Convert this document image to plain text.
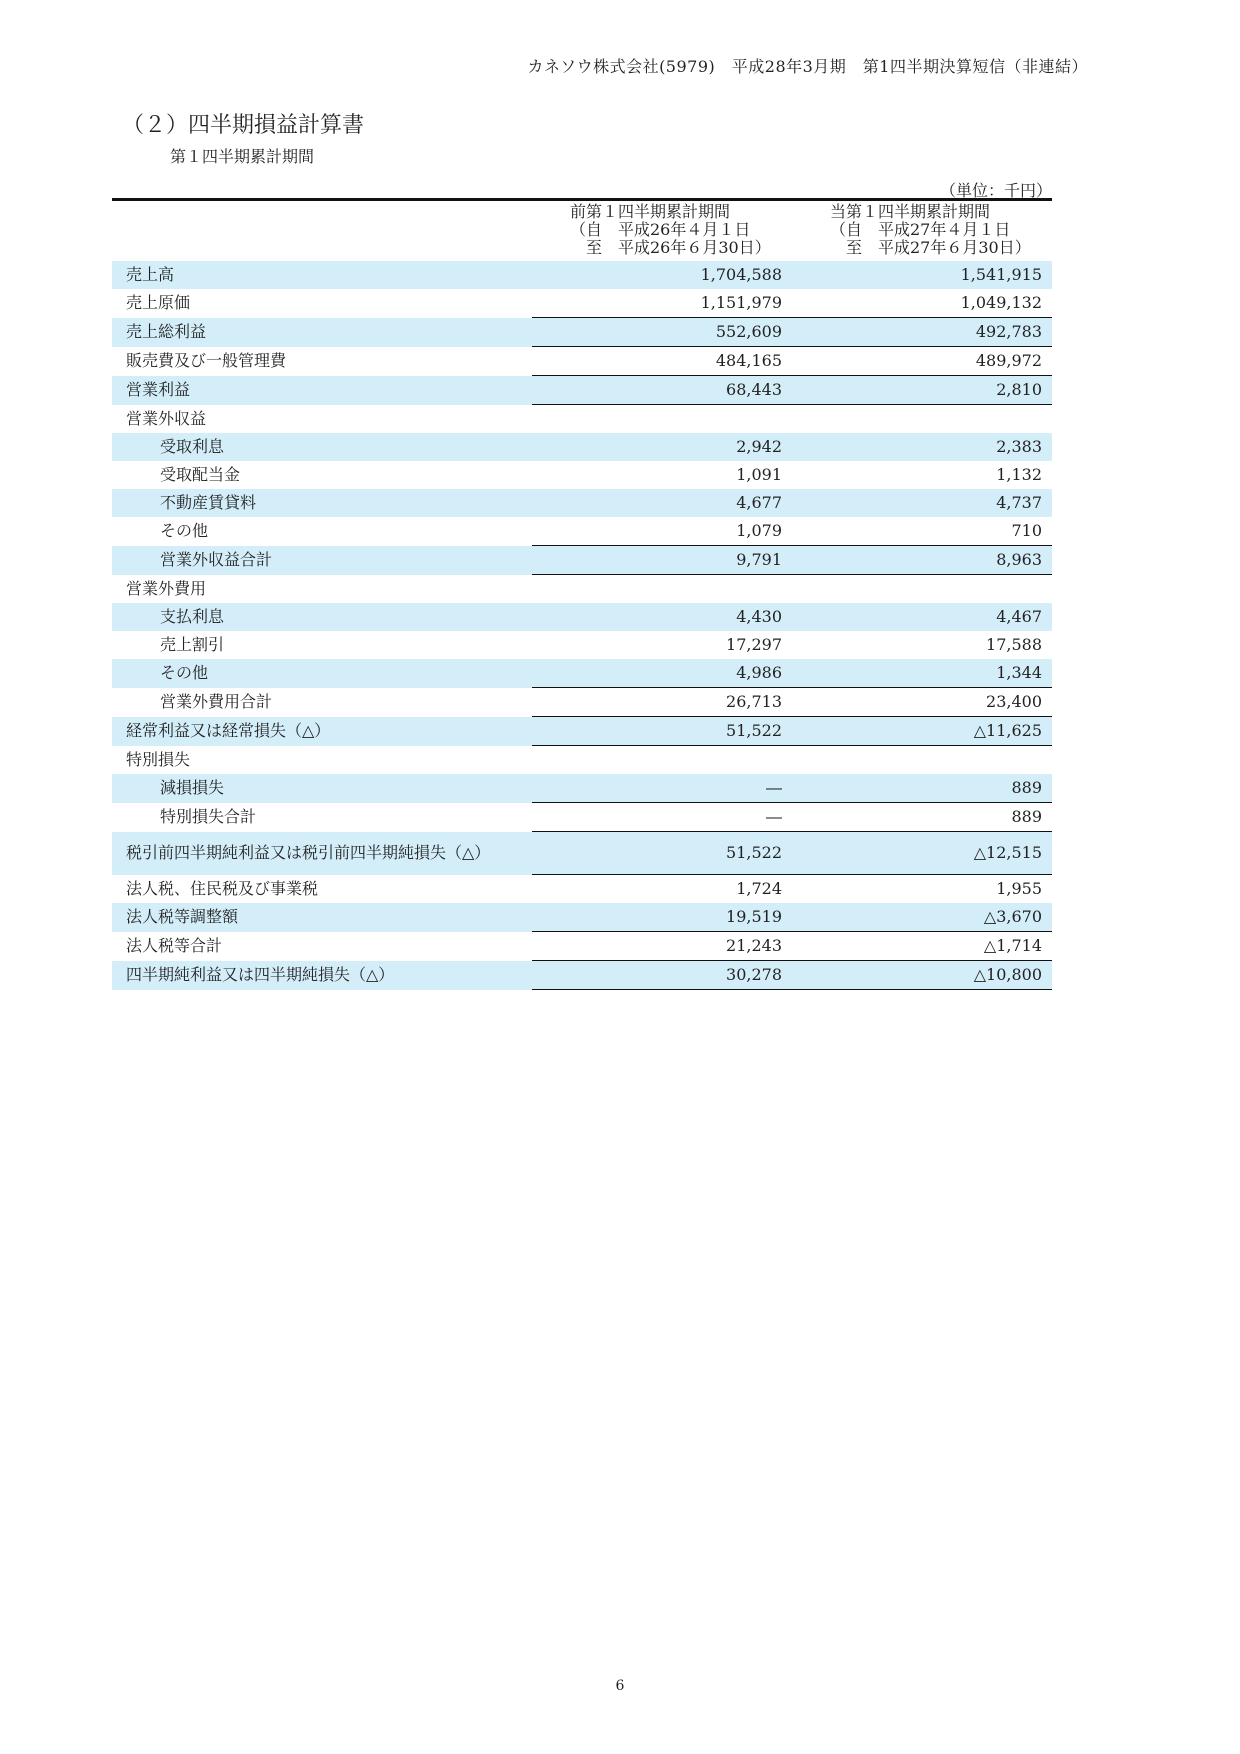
カネソウ株式会社(5979)　平成28年3月期　第1四半期決算短信（非連結）
（２）四半期損益計算書
第１四半期累計期間
（単位：千円）
		前第１四半期累計期間
（自　平成26年４月１日
　至　平成26年６月30日）	当第１四半期累計期間
（自　平成27年４月１日
　至　平成27年６月30日）
売上高		1,704,588	1,541,915
売上原価		1,151,979	1,049,132
売上総利益		552,609	492,783
販売費及び一般管理費		484,165	489,972
営業利益		68,443	2,810
営業外収益			
受取利息		2,942	2,383
受取配当金		1,091	1,132
不動産賃貸料		4,677	4,737
その他		1,079	710
営業外収益合計		9,791	8,963
営業外費用			
支払利息		4,430	4,467
売上割引		17,297	17,588
その他		4,986	1,344
営業外費用合計		26,713	23,400
経常利益又は経常損失（△）		51,522	△11,625
特別損失			
減損損失		―	889
特別損失合計		―	889
税引前四半期純利益又は税引前四半期純損失（△）		51,522	△12,515
法人税、住民税及び事業税		1,724	1,955
法人税等調整額		19,519	△3,670
法人税等合計		21,243	△1,714
四半期純利益又は四半期純損失（△）		30,278	△10,800
6
